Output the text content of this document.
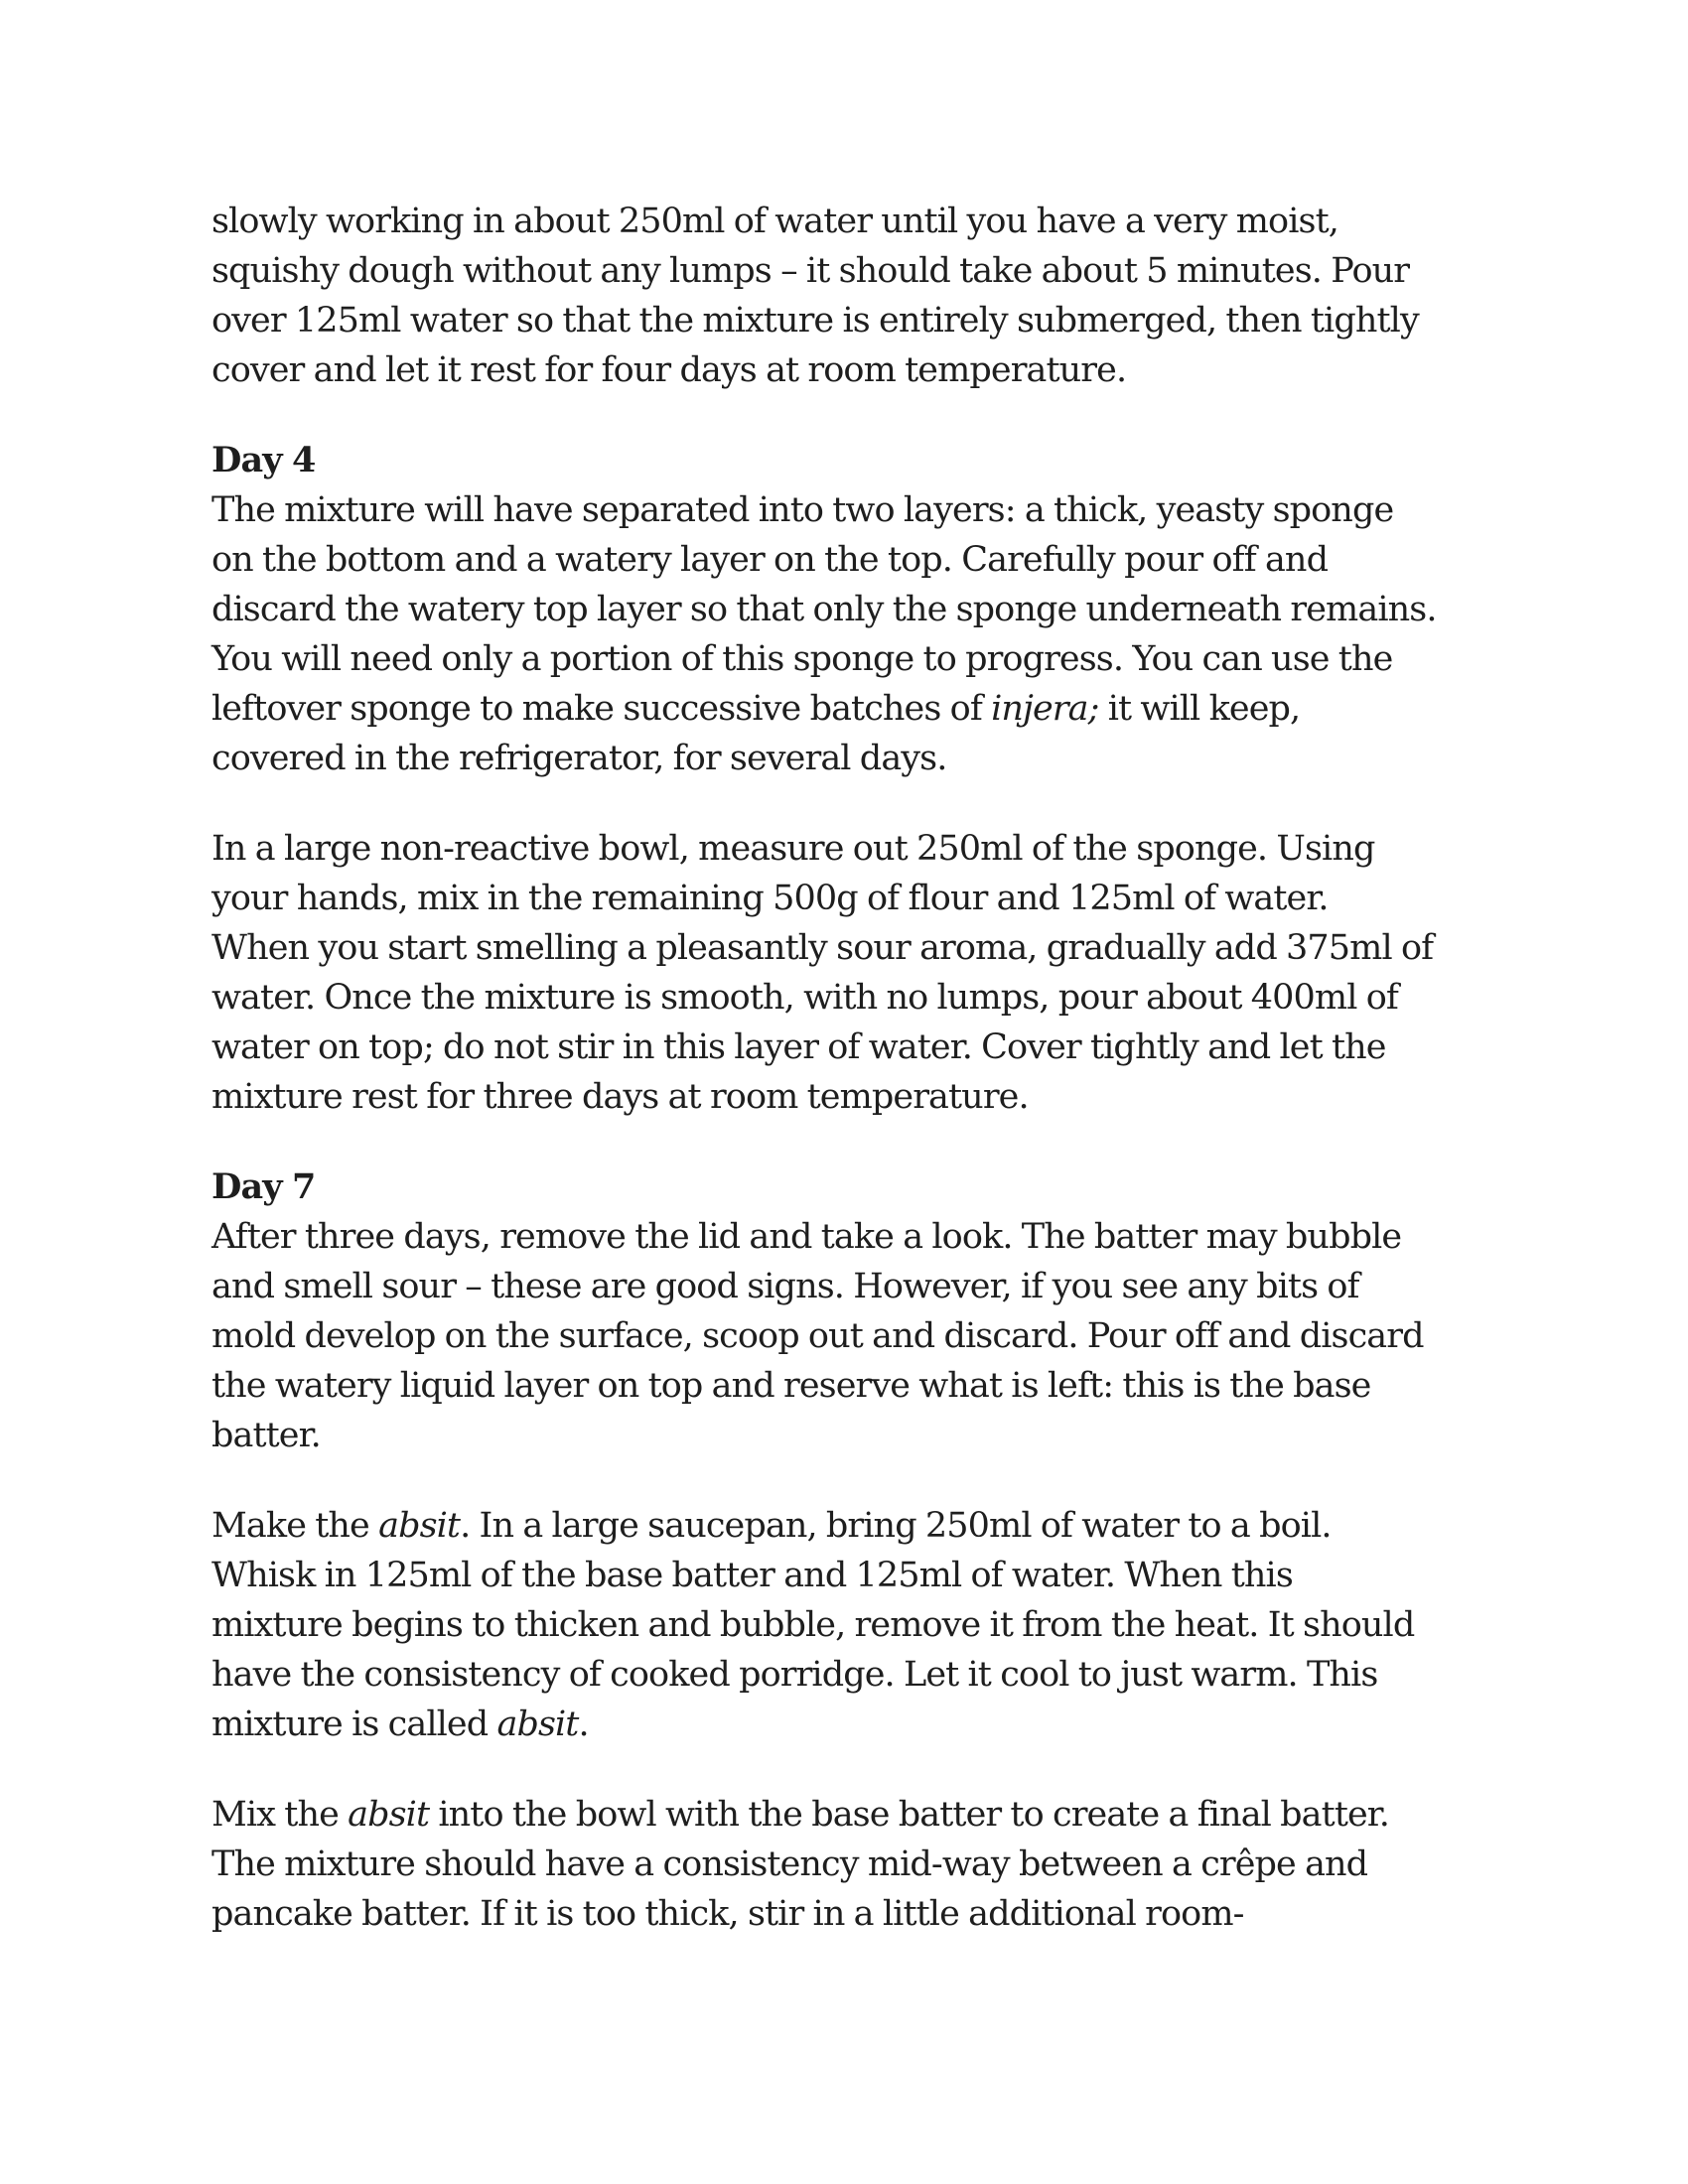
slowly working in about 250ml of water until you have a very moist,
squishy dough without any lumps – it should take about 5 minutes. Pour
over 125ml water so that the mixture is entirely submerged, then tightly
cover and let it rest for four days at room temperature.
Day 4
The mixture will have separated into two layers: a thick, yeasty sponge
on the bottom and a watery layer on the top. Carefully pour off and
discard the watery top layer so that only the sponge underneath remains.
You will need only a portion of this sponge to progress. You can use the
leftover sponge to make successive batches of injera; it will keep,
covered in the refrigerator, for several days.
In a large non-reactive bowl, measure out 250ml of the sponge. Using
your hands, mix in the remaining 500g of flour and 125ml of water.
When you start smelling a pleasantly sour aroma, gradually add 375ml of
water. Once the mixture is smooth, with no lumps, pour about 400ml of
water on top; do not stir in this layer of water. Cover tightly and let the
mixture rest for three days at room temperature.
Day 7
After three days, remove the lid and take a look. The batter may bubble
and smell sour – these are good signs. However, if you see any bits of
mold develop on the surface, scoop out and discard. Pour off and discard
the watery liquid layer on top and reserve what is left: this is the base
batter.
Make the absit. In a large saucepan, bring 250ml of water to a boil.
Whisk in 125ml of the base batter and 125ml of water. When this
mixture begins to thicken and bubble, remove it from the heat. It should
have the consistency of cooked porridge. Let it cool to just warm. This
mixture is called absit.
Mix the absit into the bowl with the base batter to create a final batter.
The mixture should have a consistency mid-way between a crêpe and
pancake batter. If it is too thick, stir in a little additional room-
